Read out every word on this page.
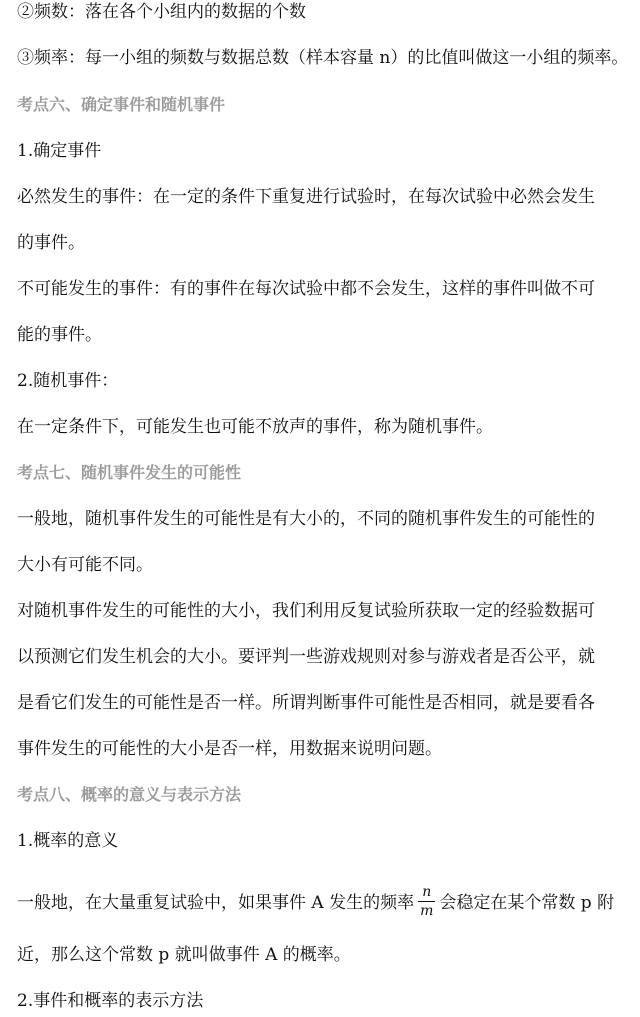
②频数：落在各个小组内的数据的个数
③频率：每一小组的频数与数据总数（样本容量 n）的比值叫做这一小组的频率。
考点六、确定事件和随机事件
1.确定事件
必然发生的事件：在一定的条件下重复进行试验时，在每次试验中必然会发生
的事件。
不可能发生的事件：有的事件在每次试验中都不会发生，这样的事件叫做不可
能的事件。
2.随机事件：
在一定条件下，可能发生也可能不放声的事件，称为随机事件。
考点七、随机事件发生的可能性
一般地，随机事件发生的可能性是有大小的，不同的随机事件发生的可能性的
大小有可能不同。
对随机事件发生的可能性的大小，我们利用反复试验所获取一定的经验数据可
以预测它们发生机会的大小。要评判一些游戏规则对参与游戏者是否公平，就
是看它们发生的可能性是否一样。所谓判断事件可能性是否相同，就是要看各
事件发生的可能性的大小是否一样，用数据来说明问题。
考点八、概率的意义与表示方法
1.概率的意义
一般地，在大量重复试验中，如果事件 A 发生的频率 $\frac{n}{m}$ 会稳定在某个常数 p 附
近，那么这个常数 p 就叫做事件 A 的概率。
2.事件和概率的表示方法
